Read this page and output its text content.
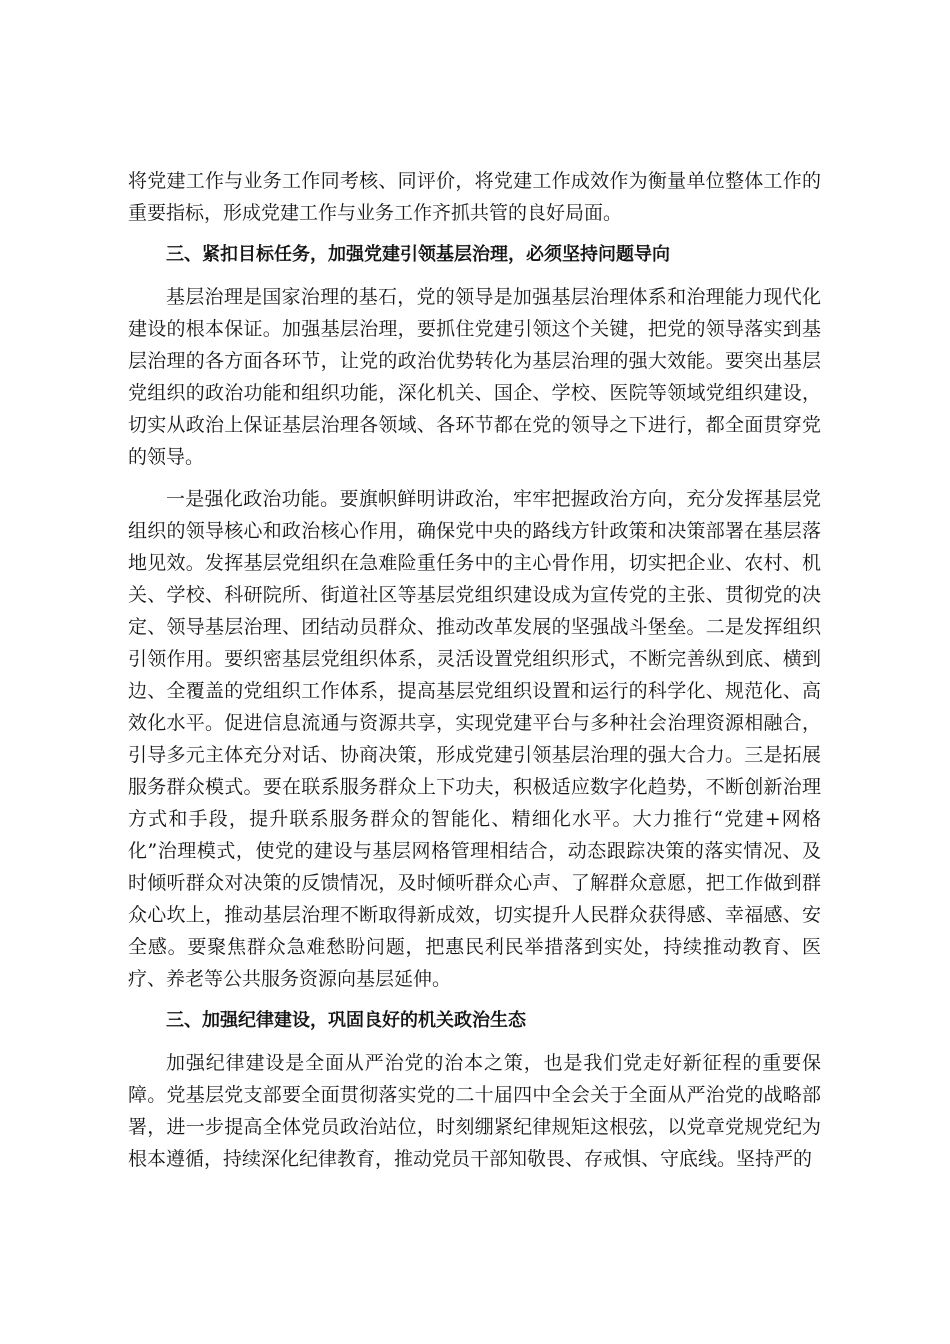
将党建工作与业务工作同考核、同评价，将党建工作成效作为衡量单位整体工作的重要指标，形成党建工作与业务工作齐抓共管的良好局面。

三、紧扣目标任务，加强党建引领基层治理，必须坚持问题导向

基层治理是国家治理的基石，党的领导是加强基层治理体系和治理能力现代化建设的根本保证。加强基层治理，要抓住党建引领这个关键，把党的领导落实到基层治理的各方面各环节，让党的政治优势转化为基层治理的强大效能。要突出基层党组织的政治功能和组织功能，深化机关、国企、学校、医院等领域党组织建设，切实从政治上保证基层治理各领域、各环节都在党的领导之下进行，都全面贯穿党的领导。

一是强化政治功能。要旗帜鲜明讲政治，牢牢把握政治方向，充分发挥基层党组织的领导核心和政治核心作用，确保党中央的路线方针政策和决策部署在基层落地见效。发挥基层党组织在急难险重任务中的主心骨作用，切实把企业、农村、机关、学校、科研院所、街道社区等基层党组织建设成为宣传党的主张、贯彻党的决定、领导基层治理、团结动员群众、推动改革发展的坚强战斗堡垒。二是发挥组织引领作用。要织密基层党组织体系，灵活设置党组织形式，不断完善纵到底、横到边、全覆盖的党组织工作体系，提高基层党组织设置和运行的科学化、规范化、高效化水平。促进信息流通与资源共享，实现党建平台与多种社会治理资源相融合，引导多元主体充分对话、协商决策，形成党建引领基层治理的强大合力。三是拓展服务群众模式。要在联系服务群众上下功夫，积极适应数字化趋势，不断创新治理方式和手段，提升联系服务群众的智能化、精细化水平。大力推行“党建+网格化”治理模式，使党的建设与基层网格管理相结合，动态跟踪决策的落实情况、及时倾听群众对决策的反馈情况，及时倾听群众心声、了解群众意愿，把工作做到群众心坎上，推动基层治理不断取得新成效，切实提升人民群众获得感、幸福感、安全感。要聚焦群众急难愁盼问题，把惠民利民举措落到实处，持续推动教育、医疗、养老等公共服务资源向基层延伸。

三、加强纪律建设，巩固良好的机关政治生态

加强纪律建设是全面从严治党的治本之策，也是我们党走好新征程的重要保障。党基层党支部要全面贯彻落实党的二十届四中全会关于全面从严治党的战略部署，进一步提高全体党员政治站位，时刻绷紧纪律规矩这根弦，以党章党规党纪为根本遵循，持续深化纪律教育，推动党员干部知敬畏、存戒惧、守底线。坚持严的
